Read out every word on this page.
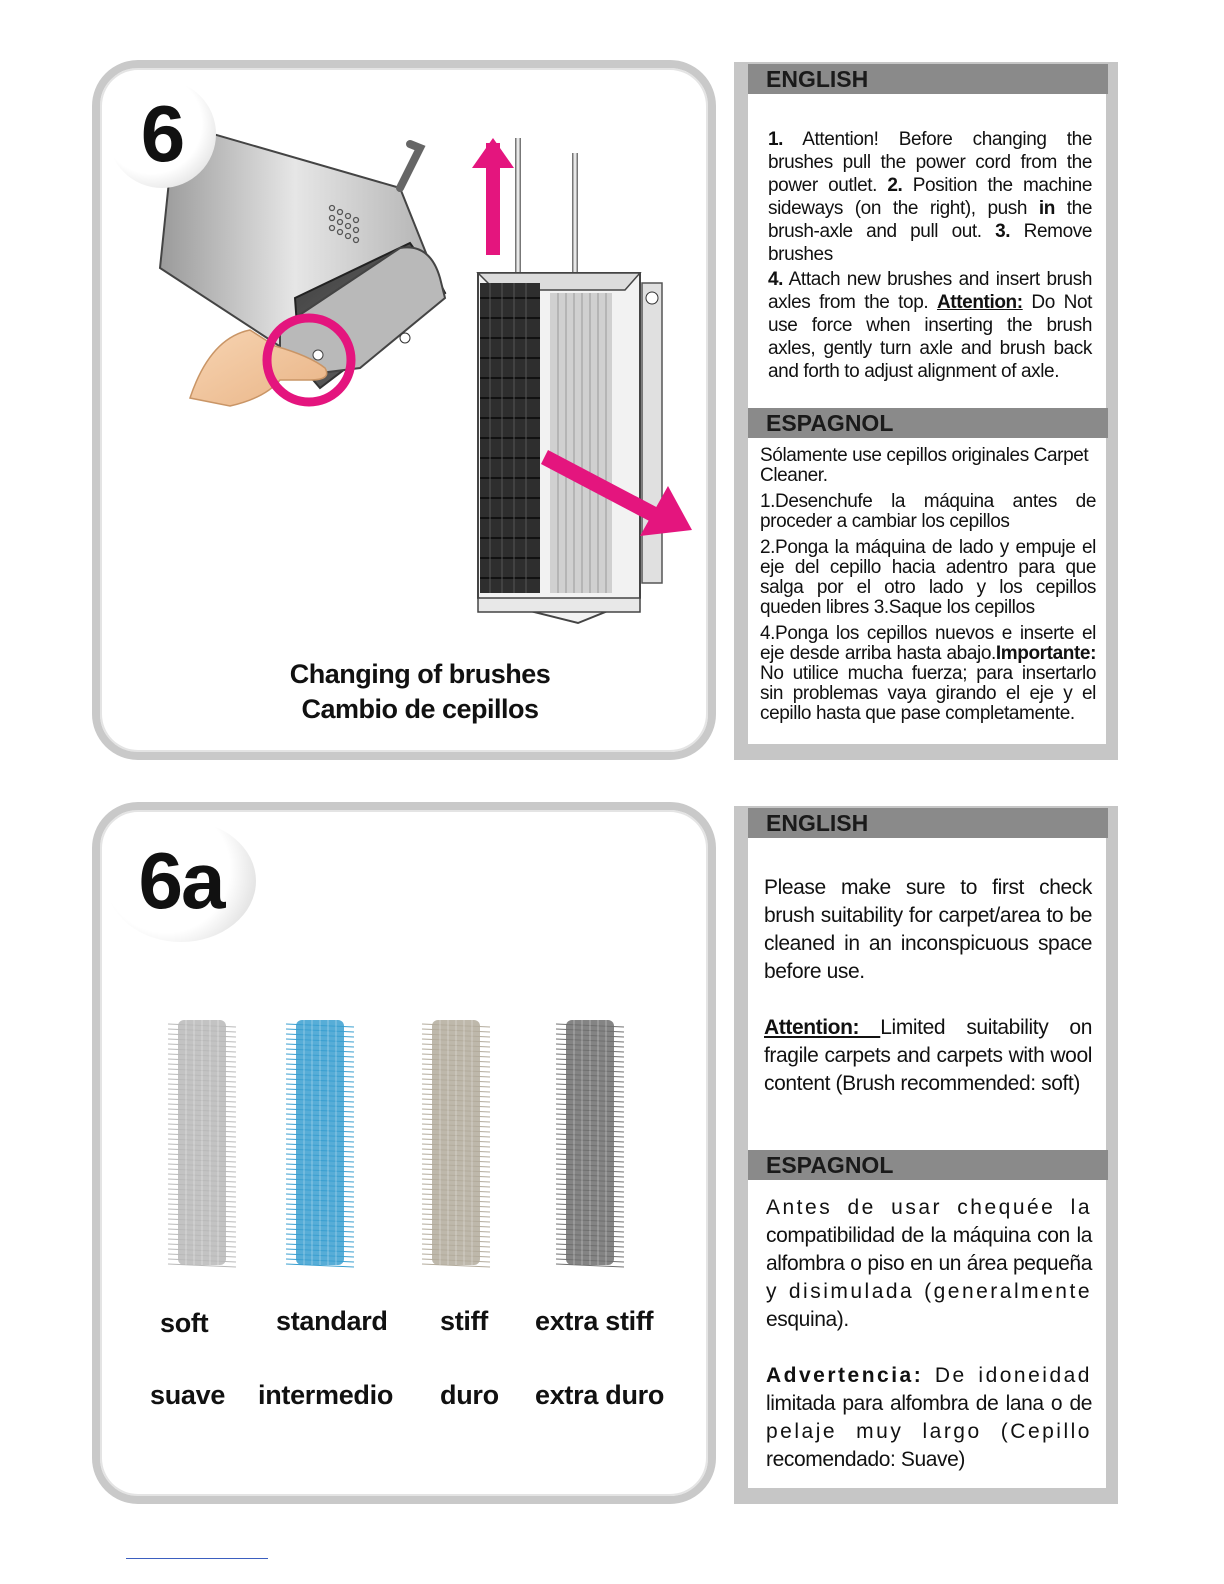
6
Changing of brushes
Cambio de cepillos
ENGLISH
ESPAGNOL
1. Attention! Before changing the brushes pull the power cord from the power outlet. 2. Position the machine sideways (on the right), push in the brush-axle and pull out. 3. Remove brushes
4. Attach new brushes and insert brush axles from the top. Attention: Do Not use force when inserting the brush axles, gently turn axle and brush back and forth to adjust alignment of axle.
Sólamente use cepillos originales Carpet Cleaner.
1.Desenchufe la máquina antes de proceder a cambiar los cepillos
2.Ponga la máquina de lado y empuje el eje del cepillo hacia adentro para que salga por el otro lado y los cepillos queden libres 3.Saque los cepillos
4.Ponga los cepillos nuevos e inserte el eje desde arriba hasta abajo.Importante: No utilice mucha fuerza; para insertarlo sin problemas vaya girando el eje y el cepillo hasta que pase completamente.
6a
soft	standard stiff extra stiff
suave intermedio duro extra duro
ENGLISH
ESPAGNOL
Please make sure to first check brush suitability for carpet/area to be cleaned in an inconspicuous space before use.
Attention: Limited suitability on fragile carpets and carpets with wool content (Brush recommended: soft)
Antes de usar chequée la compatibilidad de la máquina con la alfombra o piso en un área pequeña y disimulada (generalmente esquina).
Advertencia: De idoneidad limitada para alfombra de lana o de pelaje muy largo (Cepillo recomendado: Suave)
